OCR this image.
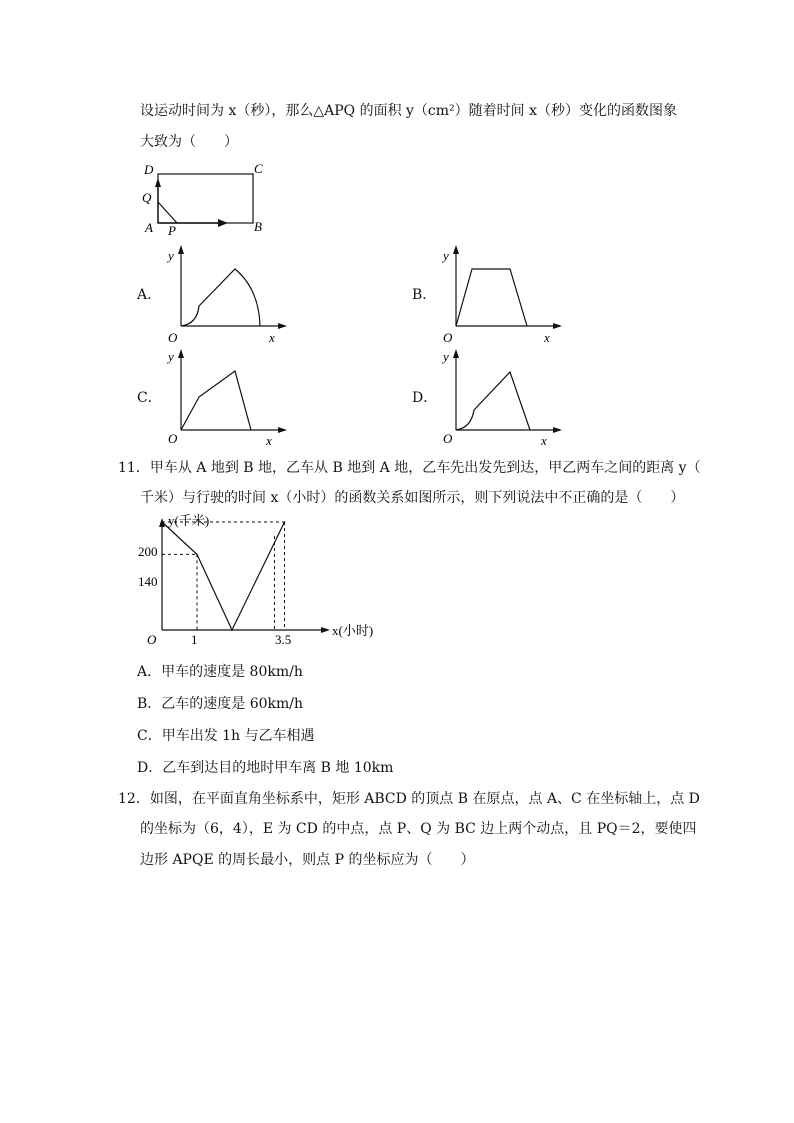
设运动时间为 x（秒），那么△APQ 的面积 y（cm²）随着时间 x（秒）变化的函数图象
大致为（　　）
D	C
Q
A P	B
A．
y
O	x
B．
y
O	x
C．
y
O	x
D．
y
O	x
11．甲车从 A 地到 B 地，乙车从 B 地到 A 地，乙车先出发先到达，甲乙两车之间的距离 y（
千米）与行驶的时间 x（小时）的函数关系如图所示，则下列说法中不正确的是（　　）
y(千米)
x(小时)
O
200
140
1	3.5
A．甲车的速度是 80km/h
B．乙车的速度是 60km/h
C．甲车出发 1h 与乙车相遇
D．乙车到达目的地时甲车离 B 地 10km
12．如图，在平面直角坐标系中，矩形 ABCD 的顶点 B 在原点，点 A、C 在坐标轴上，点 D
的坐标为（6，4），E 为 CD 的中点，点 P、Q 为 BC 边上两个动点，且 PQ＝2，要使四
边形 APQE 的周长最小，则点 P 的坐标应为（　　）
